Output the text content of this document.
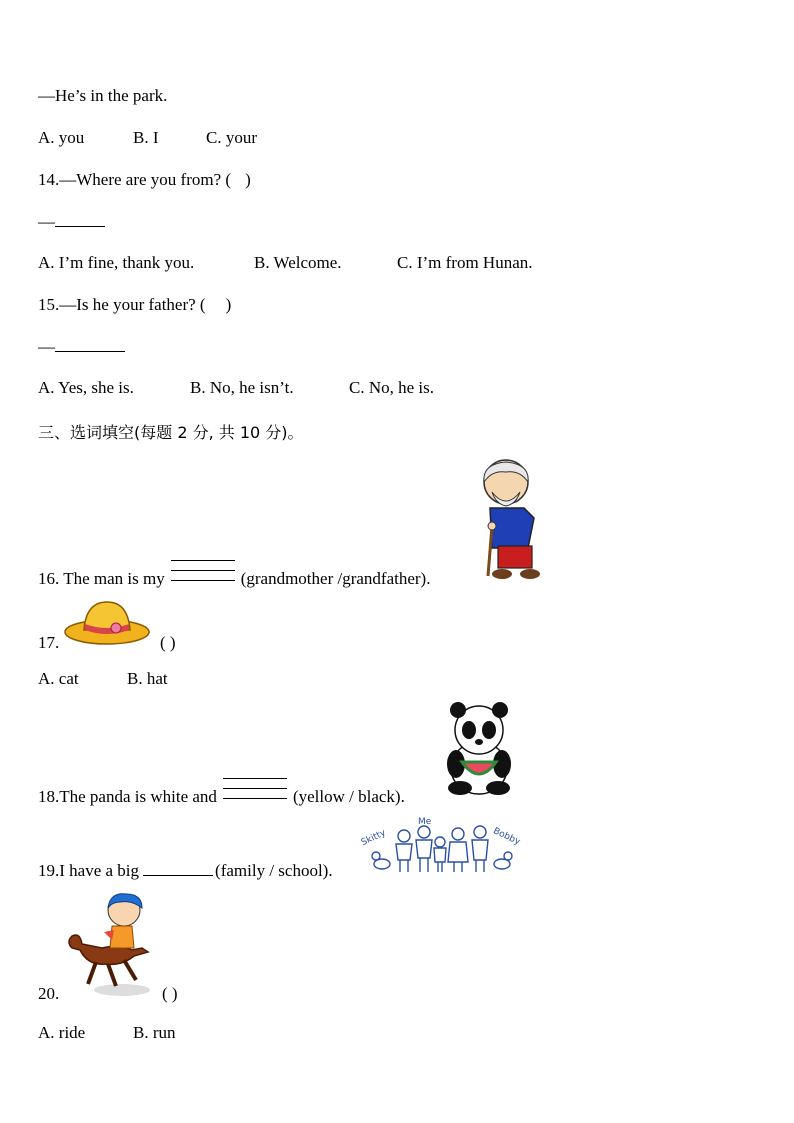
—He’s in the park.
A. you	B. I	C. your
14.—Where are you from? ( )
—
A. I’m fine, thank you.	B. Welcome.	C. I’m from Hunan.
15.—Is he your father? ( )
—
A. Yes, she is.	B. No, he isn’t.	C. No, he is.
三、选词填空(每题 2 分, 共 10 分)。
16. The man is my	(grandmother /grandfather).
17.	( )
A. cat	B. hat
18.The panda is white and	(yellow / black).
19.I have a big	(family / school).
Skitty
Me
Bobby
20.	( )
A. ride	B. run
